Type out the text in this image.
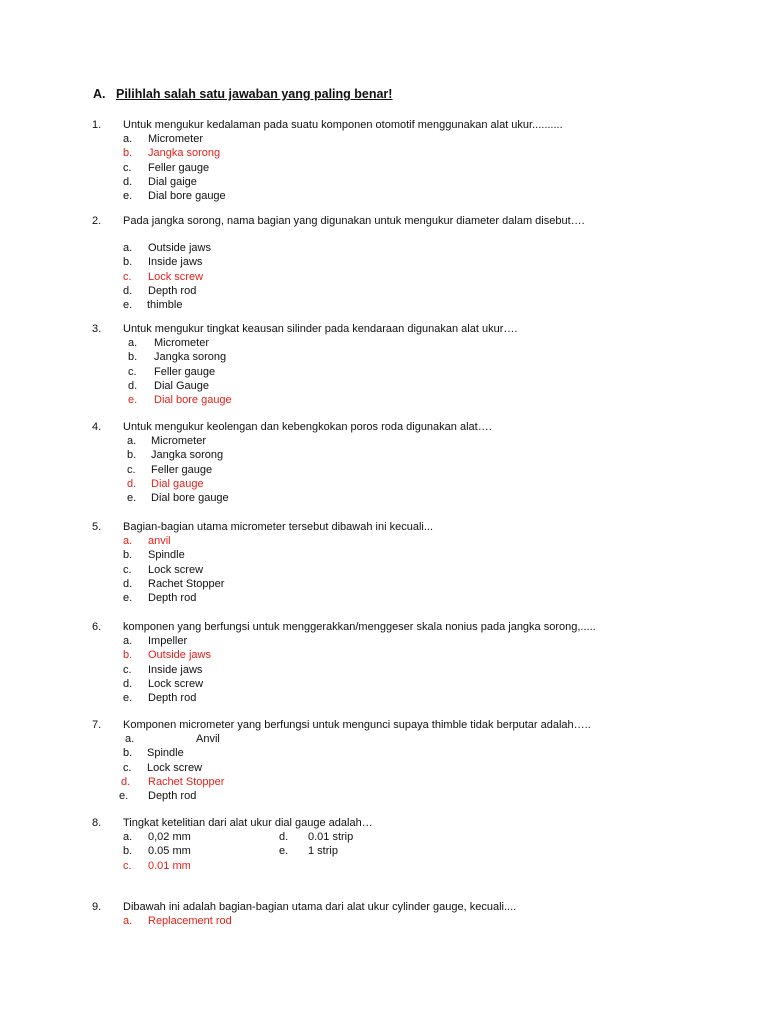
A. Pilihlah salah satu jawaban yang paling benar!
1. Untuk mengukur kedalaman pada suatu komponen otomotif menggunakan alat ukur..........
a. Micrometer
b. Jangka sorong
c. Feller gauge
d. Dial gaige
e. Dial bore gauge
2. Pada jangka sorong, nama bagian yang digunakan untuk mengukur diameter dalam disebut….
a. Outside jaws
b. Inside jaws
c. Lock screw
d. Depth rod
e. thimble
3. Untuk mengukur tingkat keausan silinder pada kendaraan digunakan alat ukur….
a. Micrometer
b. Jangka sorong
c. Feller gauge
d. Dial Gauge
e. Dial bore gauge
4. Untuk mengukur keolengan dan kebengkokan poros roda digunakan alat….
a. Micrometer
b. Jangka sorong
c. Feller gauge
d. Dial gauge
e. Dial bore gauge
5. Bagian-bagian utama micrometer tersebut dibawah ini kecuali...
a. anvil
b. Spindle
c. Lock screw
d. Rachet Stopper
e. Depth rod
6. komponen yang berfungsi untuk menggerakkan/menggeser skala nonius pada jangka sorong,.....
a. Impeller
b. Outside jaws
c. Inside jaws
d. Lock screw
e. Depth rod
7. Komponen micrometer yang berfungsi untuk mengunci supaya thimble tidak berputar adalah…..
a.	Anvil
b. Spindle
c. Lock screw
d. Rachet Stopper
e. Depth rod
8. Tingkat ketelitian dari alat ukur dial gauge adalah…
a. 0,02 mm	d. 0.01 strip
b. 0.05 mm	e. 1 strip
c. 0.01 mm
9. Dibawah ini adalah bagian-bagian utama dari alat ukur cylinder gauge, kecuali....
a. Replacement rod
